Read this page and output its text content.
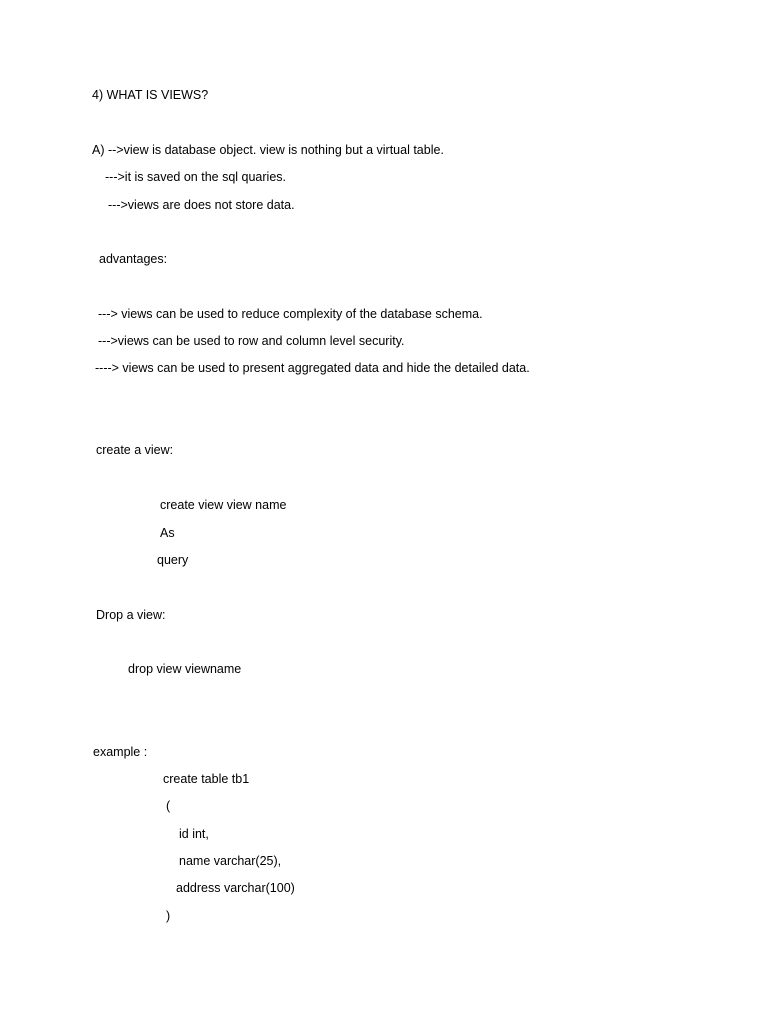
4) WHAT IS VIEWS?
A) -->view is database object. view is nothing but a virtual table.
--->it is saved on the sql quaries.
--->views are does not store data.
advantages:
---> views can be used to reduce complexity of the database schema.
--->views can be used to row and column level security.
----> views can be used to present aggregated data and hide the detailed data.
create a view:
create view view name
As
query
Drop a view:
drop view viewname
example :
create table tb1
(
id int,
name varchar(25),
address varchar(100)
)
